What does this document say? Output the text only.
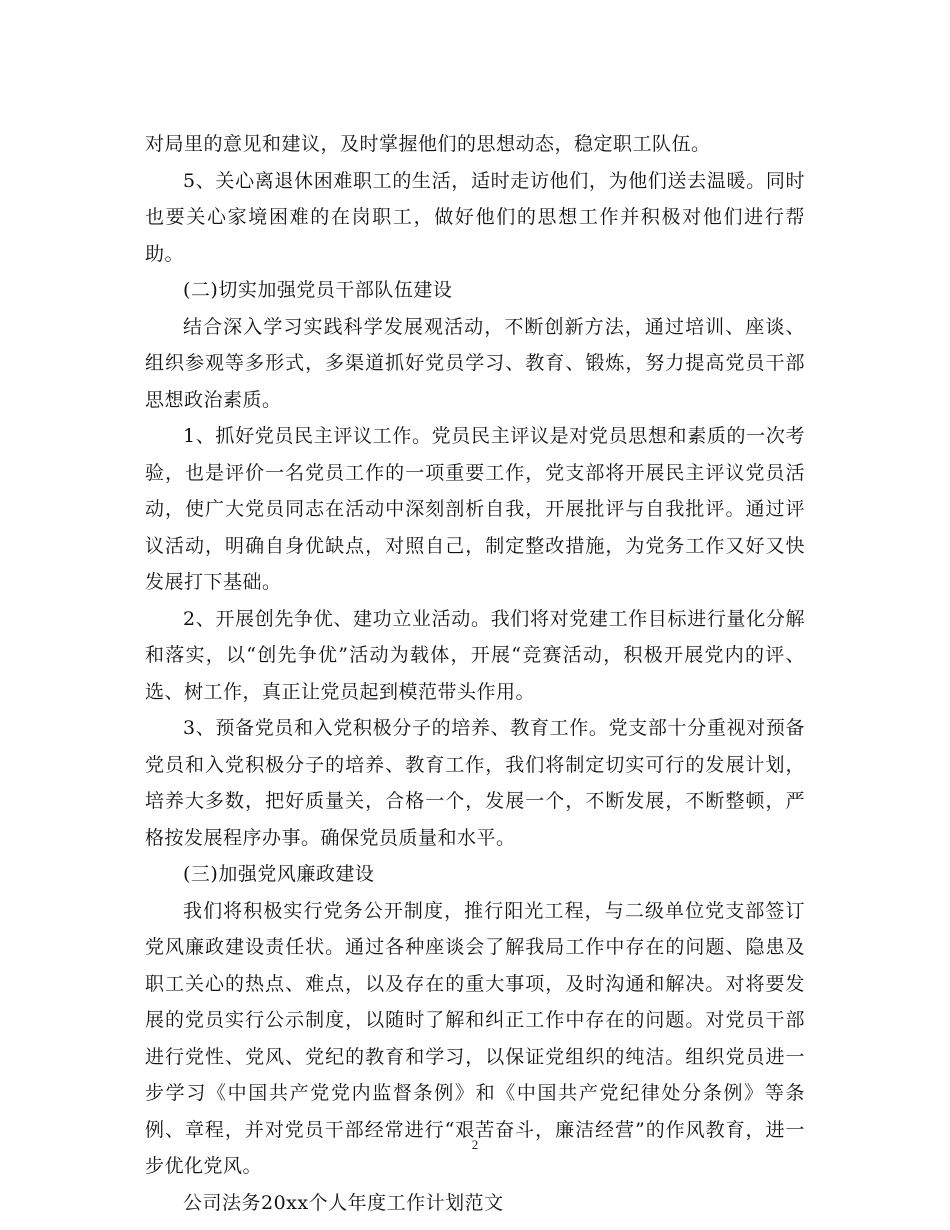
对局里的意见和建议，及时掌握他们的思想动态，稳定职工队伍。

5、关心离退休困难职工的生活，适时走访他们，为他们送去温暖。同时也要关心家境困难的在岗职工，做好他们的思想工作并积极对他们进行帮助。

(二)切实加强党员干部队伍建设

结合深入学习实践科学发展观活动，不断创新方法，通过培训、座谈、组织参观等多形式，多渠道抓好党员学习、教育、锻炼，努力提高党员干部思想政治素质。

1、抓好党员民主评议工作。党员民主评议是对党员思想和素质的一次考验，也是评价一名党员工作的一项重要工作，党支部将开展民主评议党员活动，使广大党员同志在活动中深刻剖析自我，开展批评与自我批评。通过评议活动，明确自身优缺点，对照自己，制定整改措施，为党务工作又好又快发展打下基础。

2、开展创先争优、建功立业活动。我们将对党建工作目标进行量化分解和落实，以“创先争优”活动为载体，开展“竞赛活动，积极开展党内的评、选、树工作，真正让党员起到模范带头作用。

3、预备党员和入党积极分子的培养、教育工作。党支部十分重视对预备党员和入党积极分子的培养、教育工作，我们将制定切实可行的发展计划，培养大多数，把好质量关，合格一个，发展一个，不断发展，不断整顿，严格按发展程序办事。确保党员质量和水平。

(三)加强党风廉政建设

我们将积极实行党务公开制度，推行阳光工程，与二级单位党支部签订党风廉政建设责任状。通过各种座谈会了解我局工作中存在的问题、隐患及职工关心的热点、难点，以及存在的重大事项，及时沟通和解决。对将要发展的党员实行公示制度，以随时了解和纠正工作中存在的问题。对党员干部进行党性、党风、党纪的教育和学习，以保证党组织的纯洁。组织党员进一步学习《中国共产党党内监督条例》和《中国共产党纪律处分条例》等条例、章程，并对党员干部经常进行“艰苦奋斗，廉洁经营”的作风教育，进一步优化党风。

公司法务20xx个人年度工作计划范文

2
